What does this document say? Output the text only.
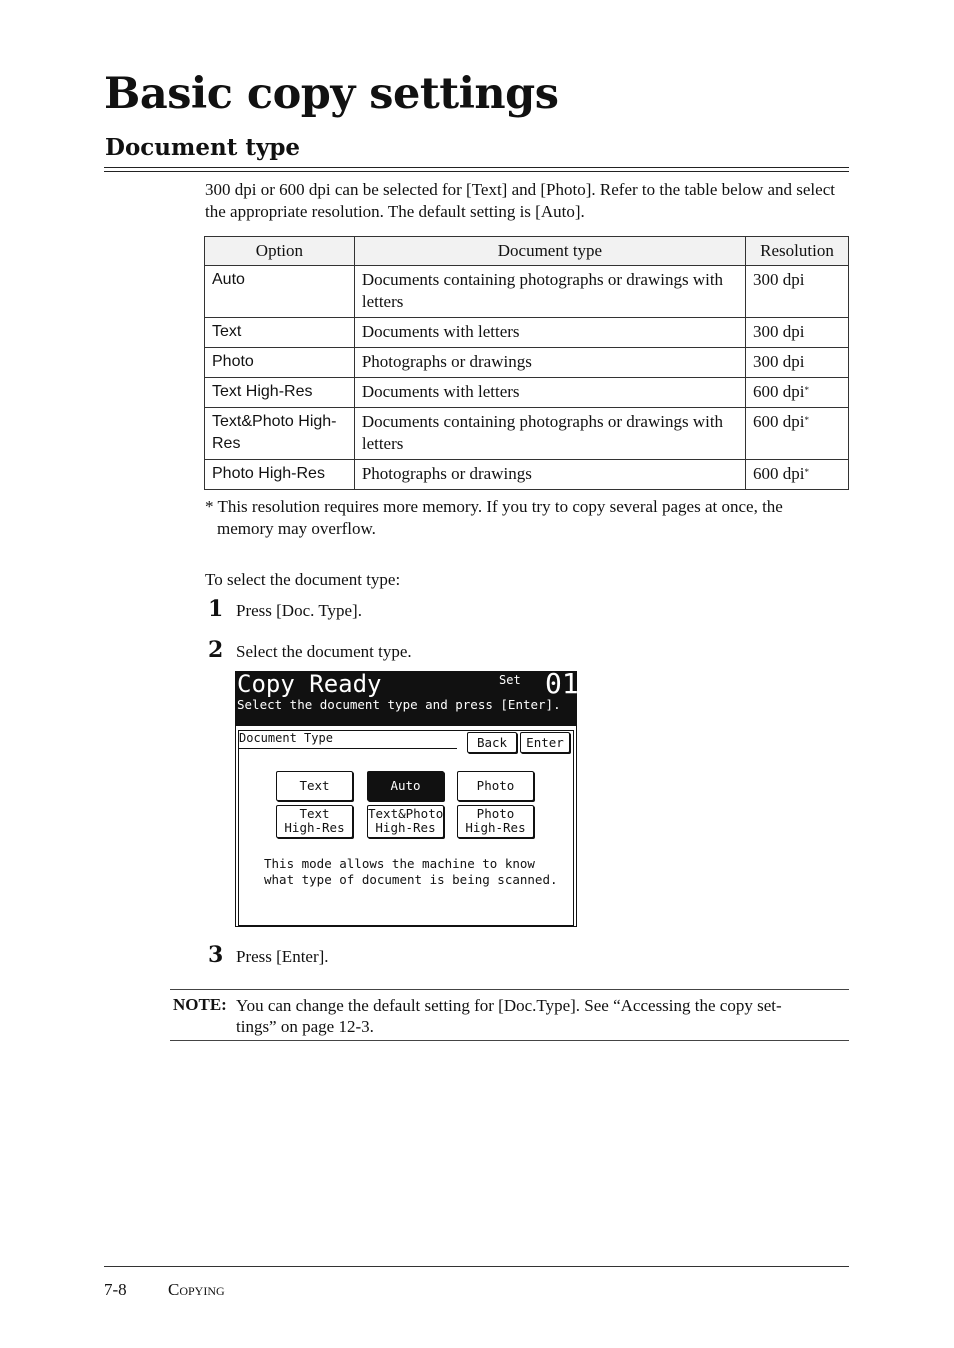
Basic copy settings
Document type
300 dpi or 600 dpi can be selected for [Text] and [Photo]. Refer to the table below and select the appropriate resolution. The default setting is [Auto].
Option	Document type	Resolution
Auto	Documents containing photographs or drawings with letters	300 dpi
Text	Documents with letters	300 dpi
Photo	Photographs or drawings	300 dpi
Text High-Res	Documents with letters	600 dpi*
Text&Photo High-Res	Documents containing photographs or drawings with letters	600 dpi*
Photo High-Res	Photographs or drawings	600 dpi*
* This resolution requires more memory. If you try to copy several pages at once, the
memory may overflow.
To select the document type:
1 Press [Doc. Type].
2 Select the document type.
Copy Ready	Set 01
Select the document type and press [Enter].
Document Type	Back	Enter
Text	Auto	Photo
Text
High-Res
Text&Photo
High-Res
Photo
High-Res
This mode allows the machine to know
what type of document is being scanned.
3 Press [Enter].
NOTE: You can change the default setting for [Doc.Type]. See “Accessing the copy set-
tings” on page 12-3.
7-8 Copying
